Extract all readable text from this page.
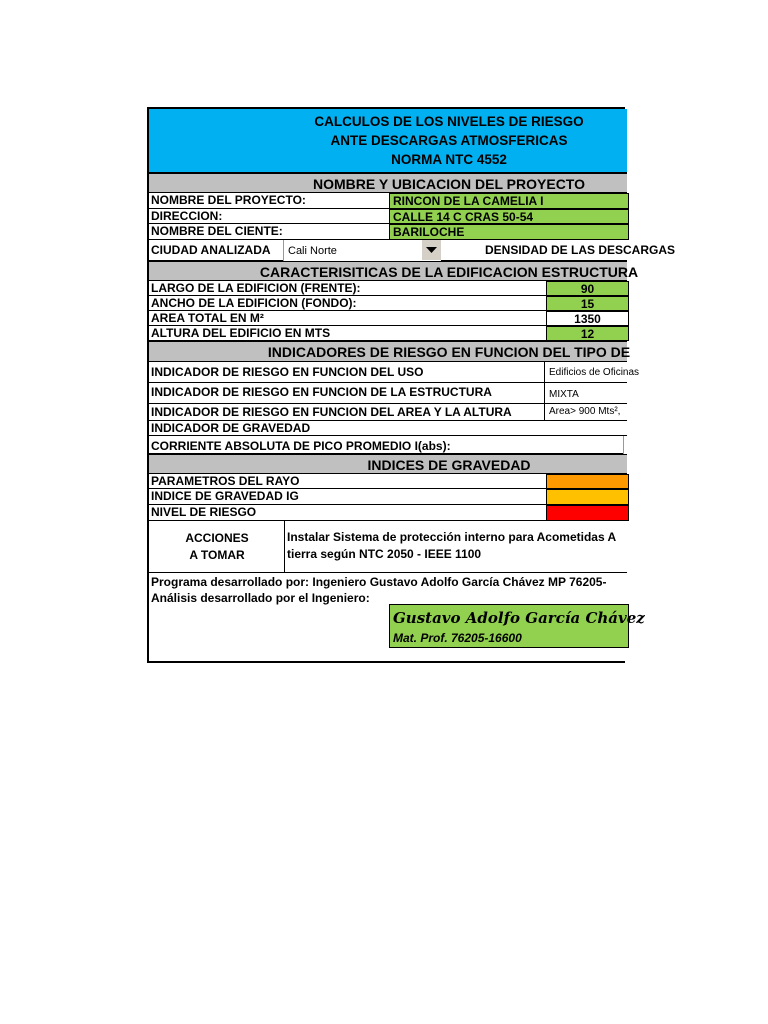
CALCULOS DE LOS NIVELES DE RIESGO
ANTE DESCARGAS ATMOSFERICAS
NORMA NTC 4552
NOMBRE Y UBICACION DEL PROYECTO
NOMBRE DEL PROYECTO:	RINCON DE LA CAMELIA I
DIRECCION:	CALLE 14 C CRAS 50-54
NOMBRE DEL CIENTE:	BARILOCHE
CIUDAD ANALIZADA Cali Norte	DENSIDAD DE LAS DESCARGAS
CARACTERISITICAS DE LA EDIFICACION ESTRUCTURA
LARGO DE LA EDIFICION (FRENTE):	90
ANCHO DE LA EDIFICION (FONDO):	15
AREA TOTAL EN M²	1350
ALTURA DEL EDIFICIO EN MTS	12
INDICADORES DE RIESGO EN FUNCION DEL TIPO DE
INDICADOR DE RIESGO EN FUNCION DEL USO	Edificios de Oficinas
INDICADOR DE RIESGO EN FUNCION DE LA ESTRUCTURA	MIXTA
INDICADOR DE RIESGO EN FUNCION DEL AREA Y LA ALTURA	Area> 900 Mts²,
INDICADOR DE GRAVEDAD
CORRIENTE ABSOLUTA DE PICO PROMEDIO I(abs):
INDICES DE GRAVEDAD
PARAMETROS DEL RAYO
INDICE DE GRAVEDAD IG
NIVEL DE RIESGO
ACCIONES
A TOMAR
Instalar Sistema de protección interno para Acometidas A
tierra según NTC 2050 - IEEE 1100
Programa desarrollado por: Ingeniero Gustavo Adolfo García Chávez MP 76205-
Análisis desarrollado por el Ingeniero:
Gustavo Adolfo García Chávez
Mat. Prof. 76205-16600
